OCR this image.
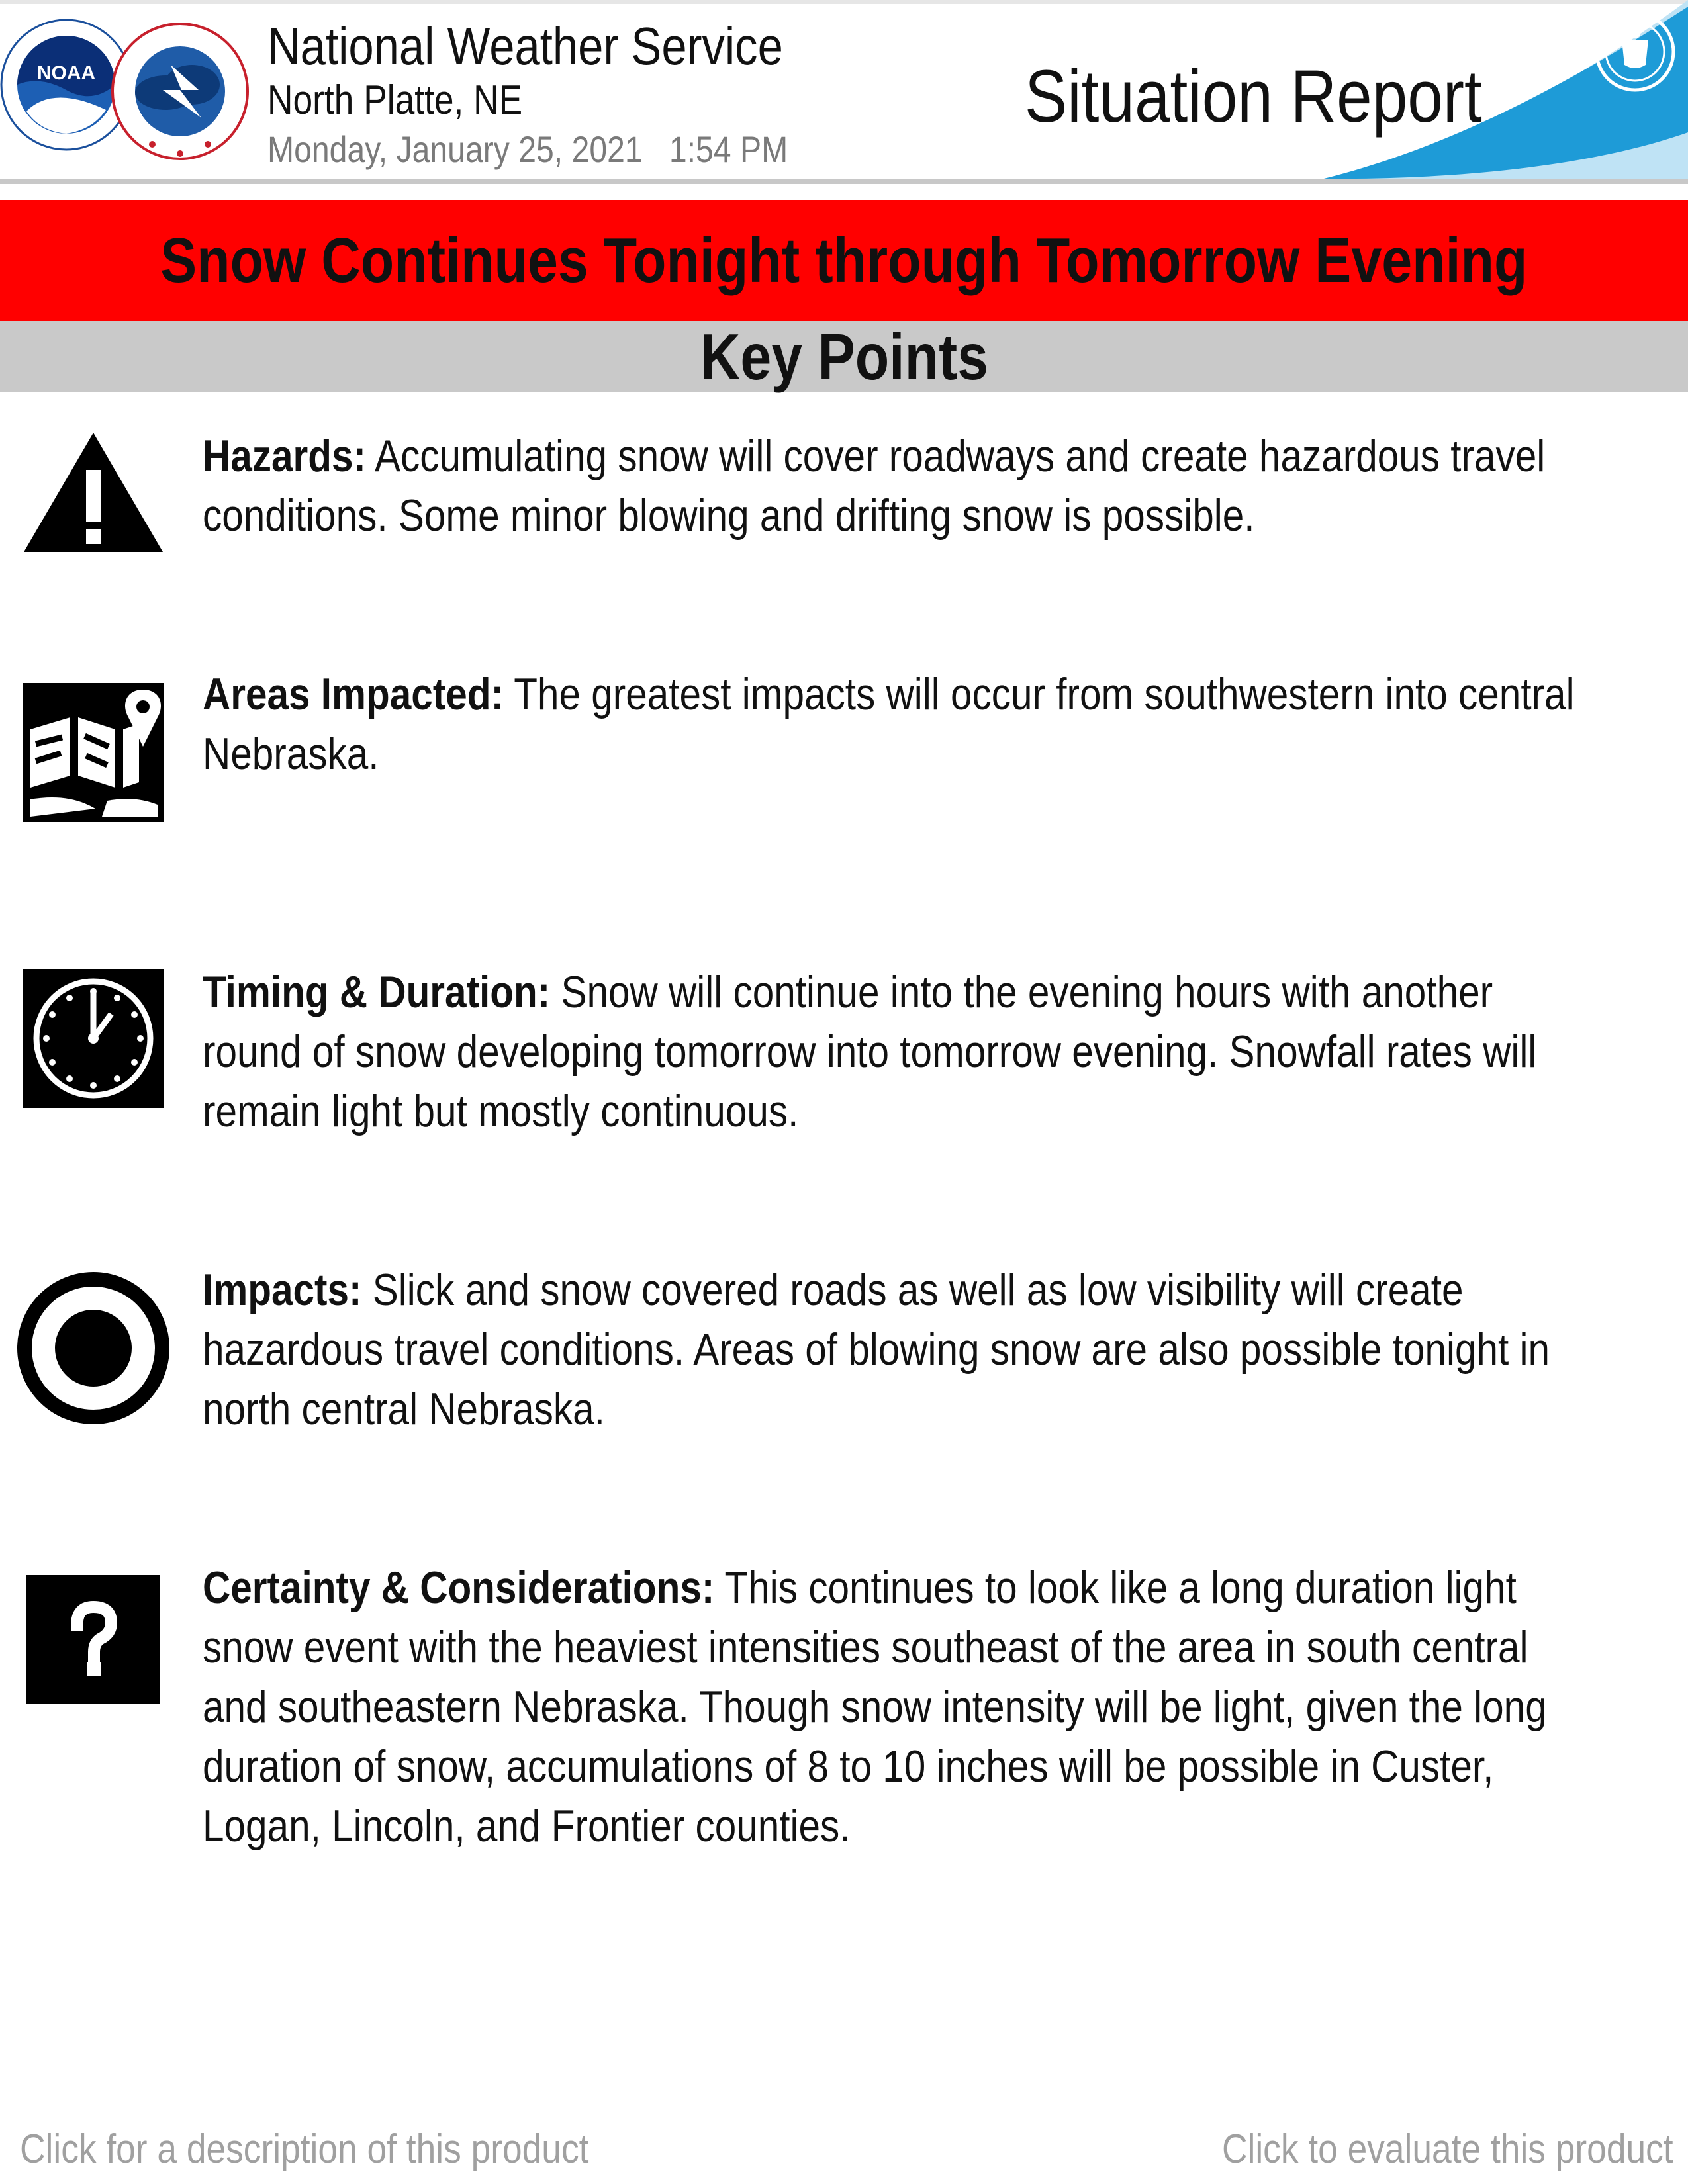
NOAA	National Weather Service
North Platte, NE
Monday, January 25, 2021   1:54 PM
Situation Report
Snow Continues Tonight through Tomorrow Evening
Key Points
Hazards: Accumulating snow will cover roadways and create hazardous travel
conditions. Some minor blowing and drifting snow is possible.
Areas Impacted: The greatest impacts will occur from southwestern into central
Nebraska.
Timing & Duration: Snow will continue into the evening hours with another
round of snow developing tomorrow into tomorrow evening. Snowfall rates will
remain light but mostly continuous.
Impacts: Slick and snow covered roads as well as low visibility will create
hazardous travel conditions. Areas of blowing snow are also possible tonight in
north central Nebraska.
Certainty & Considerations: This continues to look like a long duration light
snow event with the heaviest intensities southeast of the area in south central
and southeastern Nebraska. Though snow intensity will be light, given the long
duration of snow, accumulations of 8 to 10 inches will be possible in Custer,
Logan, Lincoln, and Frontier counties.
Click for a description of this product	Click to evaluate this product
